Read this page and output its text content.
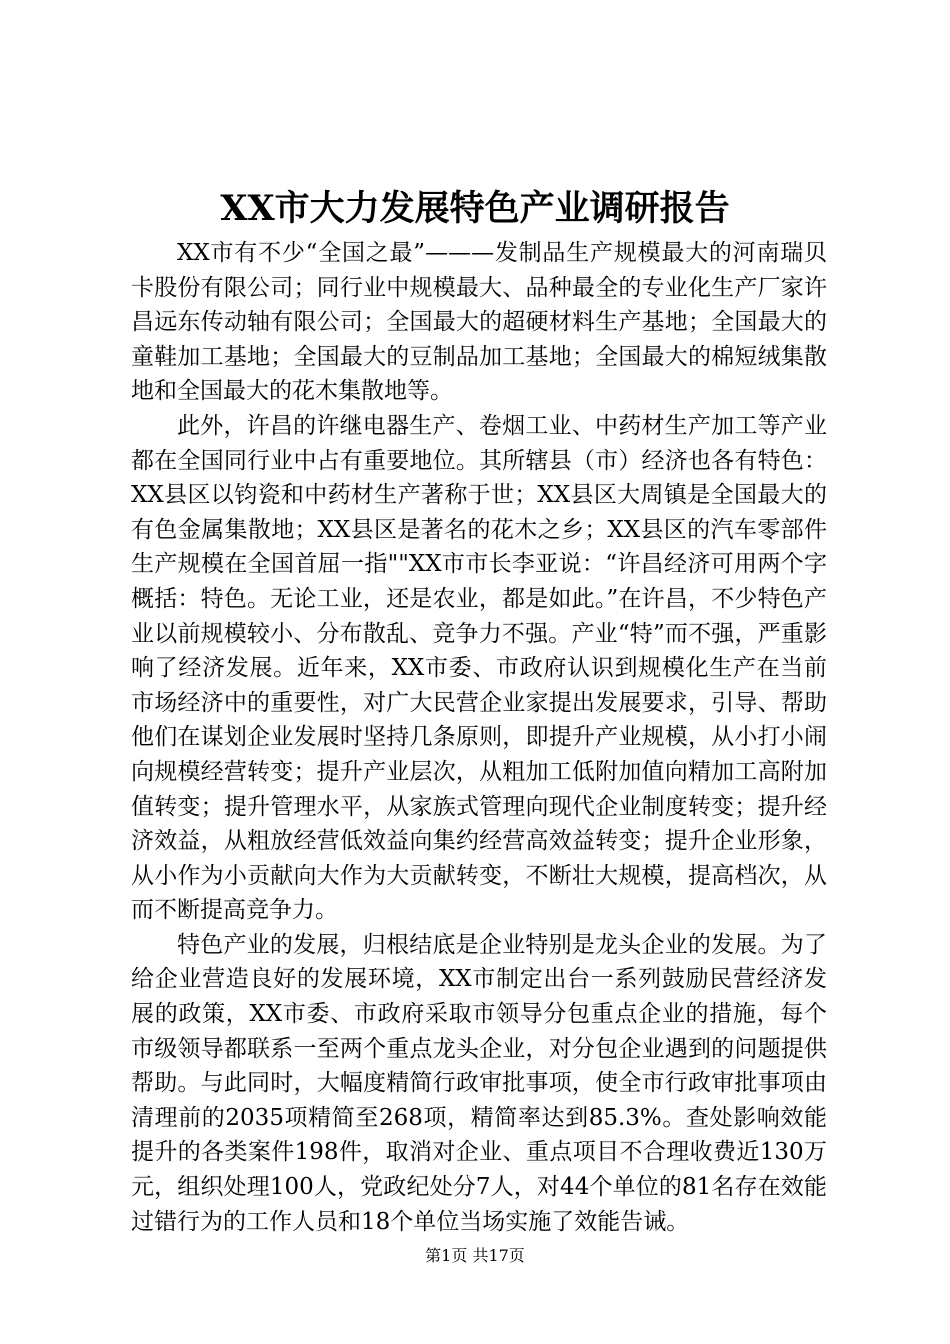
XX市大力发展特色产业调研报告

XX市有不少“全国之最”———发制品生产规模最大的河南瑞贝卡股份有限公司；同行业中规模最大、品种最全的专业化生产厂家许昌远东传动轴有限公司；全国最大的超硬材料生产基地；全国最大的童鞋加工基地；全国最大的豆制品加工基地；全国最大的棉短绒集散地和全国最大的花木集散地等。

此外，许昌的许继电器生产、卷烟工业、中药材生产加工等产业都在全国同行业中占有重要地位。其所辖县（市）经济也各有特色：XX县区以钧瓷和中药材生产著称于世；XX县区大周镇是全国最大的有色金属集散地；XX县区是著名的花木之乡；XX县区的汽车零部件生产规模在全国首屈一指""XX市市长李亚说：“许昌经济可用两个字概括：特色。无论工业，还是农业，都是如此。”在许昌，不少特色产业以前规模较小、分布散乱、竞争力不强。产业“特”而不强，严重影响了经济发展。近年来，XX市委、市政府认识到规模化生产在当前市场经济中的重要性，对广大民营企业家提出发展要求，引导、帮助他们在谋划企业发展时坚持几条原则，即提升产业规模，从小打小闹向规模经营转变；提升产业层次，从粗加工低附加值向精加工高附加值转变；提升管理水平，从家族式管理向现代企业制度转变；提升经济效益，从粗放经营低效益向集约经营高效益转变；提升企业形象，从小作为小贡献向大作为大贡献转变，不断壮大规模，提高档次，从而不断提高竞争力。

特色产业的发展，归根结底是企业特别是龙头企业的发展。为了给企业营造良好的发展环境，XX市制定出台一系列鼓励民营经济发展的政策，XX市委、市政府采取市领导分包重点企业的措施，每个市级领导都联系一至两个重点龙头企业，对分包企业遇到的问题提供帮助。与此同时，大幅度精简行政审批事项，使全市行政审批事项由清理前的2035项精简至268项，精简率达到85.3%。查处影响效能提升的各类案件198件，取消对企业、重点项目不合理收费近130万元，组织处理100人，党政纪处分7人，对44个单位的81名存在效能过错行为的工作人员和18个单位当场实施了效能告诫。

第1页 共17页
